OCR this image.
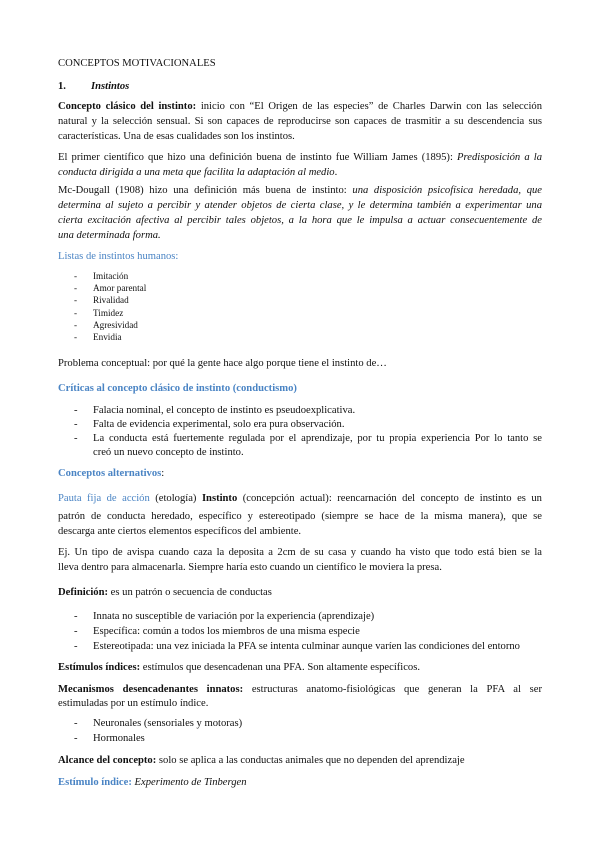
CONCEPTOS MOTIVACIONALES
1. Instintos
Concepto clásico del instinto: inicio con “El Origen de las especies” de Charles Darwin con las selección
natural y la selección sensual. Si son capaces de reproducirse son capaces de trasmitir a su descendencia sus
características. Una de esas cualidades son los instintos.
El primer científico que hizo una definición buena de instinto fue William James (1895): Predisposición a la
conducta dirigida a una meta que facilita la adaptación al medio.
Mc-Dougall (1908) hizo una definición más buena de instinto: una disposición psicofísica heredada, que
determina al sujeto a percibir y atender objetos de cierta clase, y le determina también a experimentar una
cierta excitación afectiva al percibir tales objetos, a la hora que le impulsa a actuar consecuentemente de
una determinada forma.
Listas de instintos humanos:
- Imitación
- Amor parental
- Rivalidad
- Timidez
- Agresividad
- Envidia
Problema conceptual: por qué la gente hace algo porque tiene el instinto de…
Críticas al concepto clásico de instinto (conductismo)
- Falacia nominal, el concepto de instinto es pseudoexplicativa.
- Falta de evidencia experimental, solo era pura observación.
- La conducta está fuertemente regulada por el aprendizaje, por tu propia experiencia Por lo tanto se
creó un nuevo concepto de instinto.
Conceptos alternativos:
Pauta fija de acción (etología) Instinto (concepción actual): reencarnación del concepto de instinto es un
patrón de conducta heredado, específico y estereotipado (siempre se hace de la misma manera), que se
descarga ante ciertos elementos específicos del ambiente.
Ej. Un tipo de avispa cuando caza la deposita a 2cm de su casa y cuando ha visto que todo está bien se la
lleva dentro para almacenarla. Siempre haría esto cuando un científico le moviera la presa.
Definición: es un patrón o secuencia de conductas
- Innata no susceptible de variación por la experiencia (aprendizaje)
- Específica: común a todos los miembros de una misma especie
- Estereotipada: una vez iniciada la PFA se intenta culminar aunque varíen las condiciones del entorno
Estímulos índices: estímulos que desencadenan una PFA. Son altamente específicos.
Mecanismos desencadenantes innatos: estructuras anatomo-fisiológicas que generan la PFA al ser
estimuladas por un estímulo índice.
- Neuronales (sensoriales y motoras)
- Hormonales
Alcance del concepto: solo se aplica a las conductas animales que no dependen del aprendizaje
Estímulo índice: Experimento de Tinbergen
